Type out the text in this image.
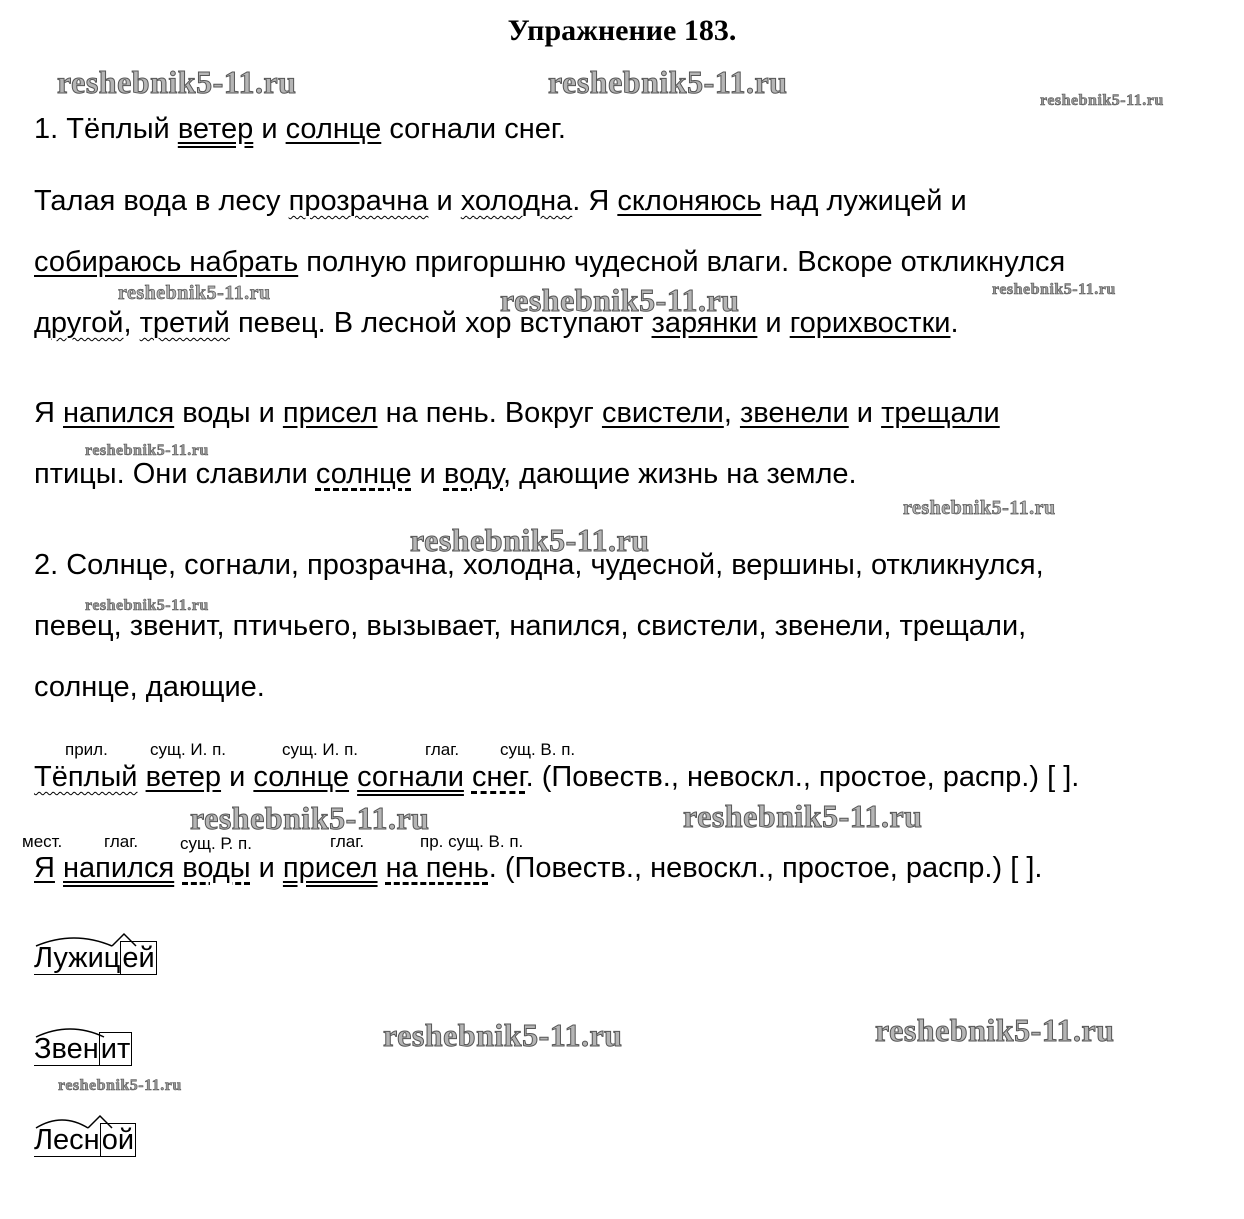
Упражнение 183.
reshebnik5-11.ru	reshebnik5-11.ru
reshebnik5-11.ru
reshebnik5-11.ru	reshebnik5-11.ru	reshebnik5-11.ru
reshebnik5-11.ru
reshebnik5-11.ru
reshebnik5-11.ru
reshebnik5-11.ru
reshebnik5-11.ru	reshebnik5-11.ru
reshebnik5-11.ru	reshebnik5-11.ru
reshebnik5-11.ru
1. Тёплый ветер и солнце согнали снег.
Талая вода в лесу прозрачна и холодна. Я склоняюсь над лужицей и
собираюсь набрать полную пригоршню чудесной влаги. Вскоре откликнулся
другой, третий певец. В лесной хор вступают зарянки и горихвостки.
Я напился воды и присел на пень. Вокруг свистели, звенели и трещали
птицы. Они славили солнце и воду, дающие жизнь на земле.
2. Солнце, согнали, прозрачна, холодна, чудесной, вершины, откликнулся,
певец, звенит, птичьего, вызывает, напился, свистели, звенели, трещали,
солнце, дающие.
прил. сущ. И. п.	сущ. И. п.	глаг. сущ. В. п.
Тёплый ветер и солнце согнали снег. (Повеств., невоскл., простое, распр.) [ ].
мест. глаг. сущ. Р. п.	глаг.	пр. сущ. В. п.
Я напился воды и присел на пень. (Повеств., невоскл., простое, распр.) [ ].
Лужицей
Звенит
Лесной
